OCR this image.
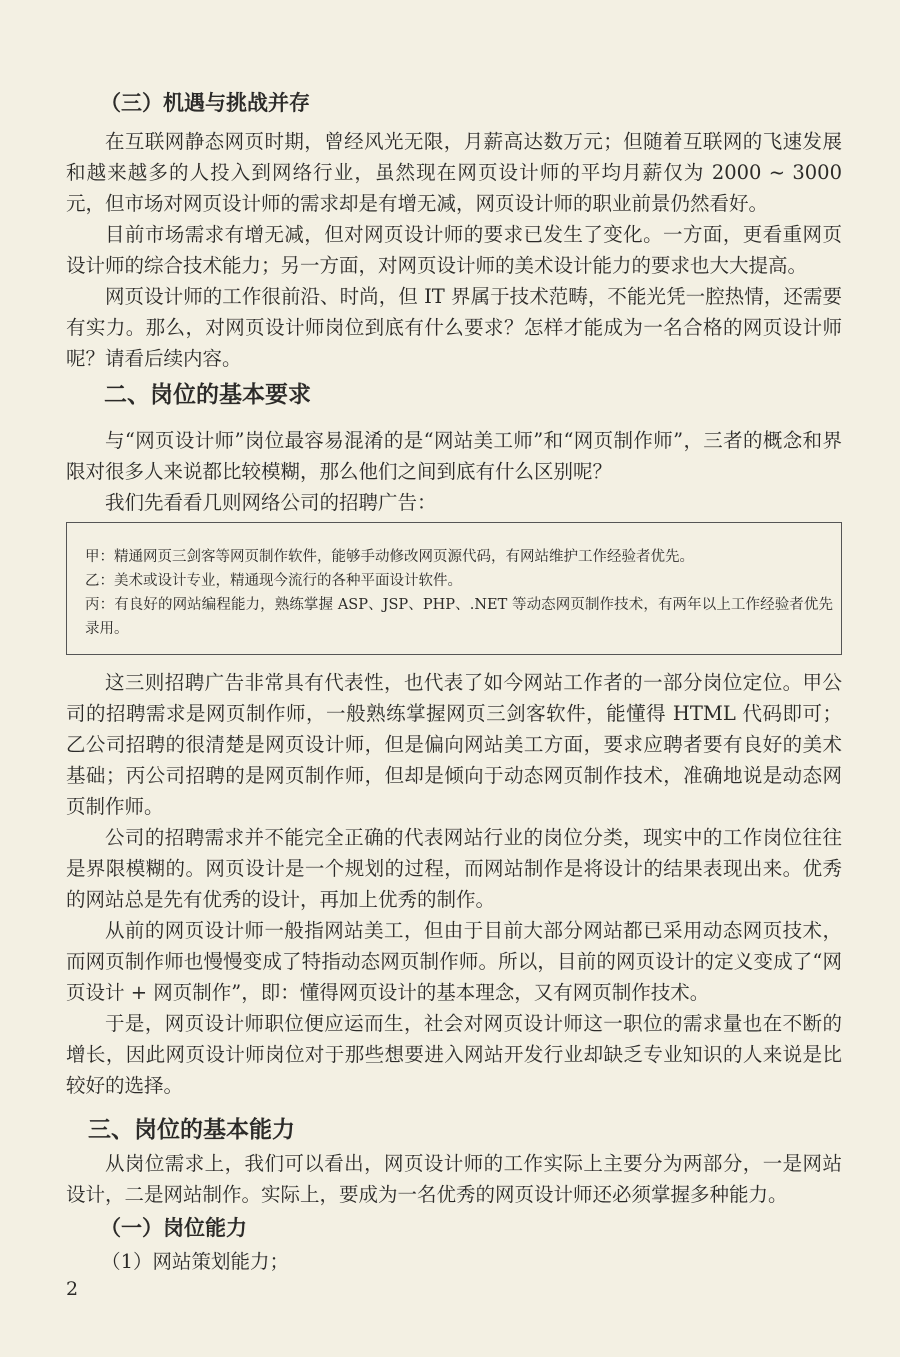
（三）机遇与挑战并存

在互联网静态网页时期，曾经风光无限，月薪高达数万元；但随着互联网的飞速发展和越来越多的人投入到网络行业，虽然现在网页设计师的平均月薪仅为 2000 ~ 3000 元，但市场对网页设计师的需求却是有增无减，网页设计师的职业前景仍然看好。

目前市场需求有增无减，但对网页设计师的要求已发生了变化。一方面，更看重网页设计师的综合技术能力；另一方面，对网页设计师的美术设计能力的要求也大大提高。

网页设计师的工作很前沿、时尚，但 IT 界属于技术范畴，不能光凭一腔热情，还需要有实力。那么，对网页设计师岗位到底有什么要求？怎样才能成为一名合格的网页设计师呢？请看后续内容。

二、岗位的基本要求

与“网页设计师”岗位最容易混淆的是“网站美工师”和“网页制作师”，三者的概念和界限对很多人来说都比较模糊，那么他们之间到底有什么区别呢？

我们先看看几则网络公司的招聘广告：

甲：精通网页三剑客等网页制作软件，能够手动修改网页源代码，有网站维护工作经验者优先。

乙：美术或设计专业，精通现今流行的各种平面设计软件。

丙：有良好的网站编程能力，熟练掌握 ASP、JSP、PHP、.NET 等动态网页制作技术，有两年以上工作经验者优先录用。

这三则招聘广告非常具有代表性，也代表了如今网站工作者的一部分岗位定位。甲公司的招聘需求是网页制作师，一般熟练掌握网页三剑客软件，能懂得 HTML 代码即可；乙公司招聘的很清楚是网页设计师，但是偏向网站美工方面，要求应聘者要有良好的美术基础；丙公司招聘的是网页制作师，但却是倾向于动态网页制作技术，准确地说是动态网页制作师。

公司的招聘需求并不能完全正确的代表网站行业的岗位分类，现实中的工作岗位往往是界限模糊的。网页设计是一个规划的过程，而网站制作是将设计的结果表现出来。优秀的网站总是先有优秀的设计，再加上优秀的制作。

从前的网页设计师一般指网站美工，但由于目前大部分网站都已采用动态网页技术，而网页制作师也慢慢变成了特指动态网页制作师。所以，目前的网页设计的定义变成了“网页设计 + 网页制作”，即：懂得网页设计的基本理念，又有网页制作技术。

于是，网页设计师职位便应运而生，社会对网页设计师这一职位的需求量也在不断的增长，因此网页设计师岗位对于那些想要进入网站开发行业却缺乏专业知识的人来说是比较好的选择。

三、岗位的基本能力

从岗位需求上，我们可以看出，网页设计师的工作实际上主要分为两部分，一是网站设计，二是网站制作。实际上，要成为一名优秀的网页设计师还必须掌握多种能力。

（一）岗位能力

（1）网站策划能力；

2
